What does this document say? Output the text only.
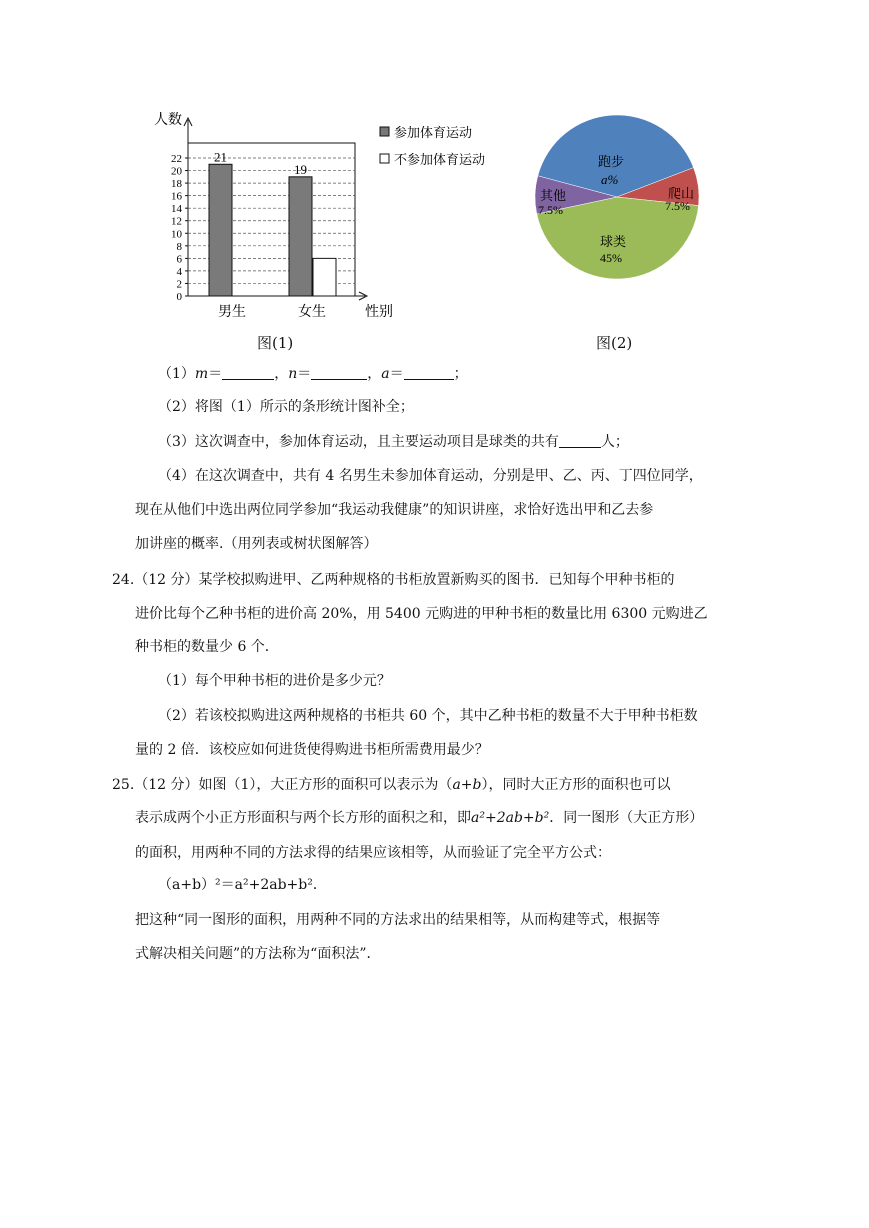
人数
0
2
4
6
8
10
12
14
16
18
20
22 21
男生
19
女生	性别
参加体育运动
不参加体育运动
图(1)
跑步
a%
爬山
7.5%
球类
45%
其他
7.5%
图(2)
（1）m＝	，n＝	，a＝	；
（2）将图（1）所示的条形统计图补全；
（3）这次调查中，参加体育运动，且主要运动项目是球类的共有	人；
（4）在这次调查中，共有 4 名男生未参加体育运动，分别是甲、乙、丙、丁四位同学，
现在从他们中选出两位同学参加“我运动我健康”的知识讲座，求恰好选出甲和乙去参
加讲座的概率.（用列表或树状图解答）
24.（12 分）某学校拟购进甲、乙两种规格的书柜放置新购买的图书．已知每个甲种书柜的
进价比每个乙种书柜的进价高 20%，用 5400 元购进的甲种书柜的数量比用 6300 元购进乙
种书柜的数量少 6 个．
（1）每个甲种书柜的进价是多少元？
（2）若该校拟购进这两种规格的书柜共 60 个，其中乙种书柜的数量不大于甲种书柜数
量的 2 倍．该校应如何进货使得购进书柜所需费用最少？
25.（12 分）如图（1），大正方形的面积可以表示为（a+b），同时大正方形的面积也可以
表示成两个小正方形面积与两个长方形的面积之和，即a²+2ab+b²．同一图形（大正方形）
的面积，用两种不同的方法求得的结果应该相等，从而验证了完全平方公式：
（a+b）²＝a²+2ab+b²．
把这种“同一图形的面积，用两种不同的方法求出的结果相等，从而构建等式，根据等
式解决相关问题”的方法称为“面积法”．
